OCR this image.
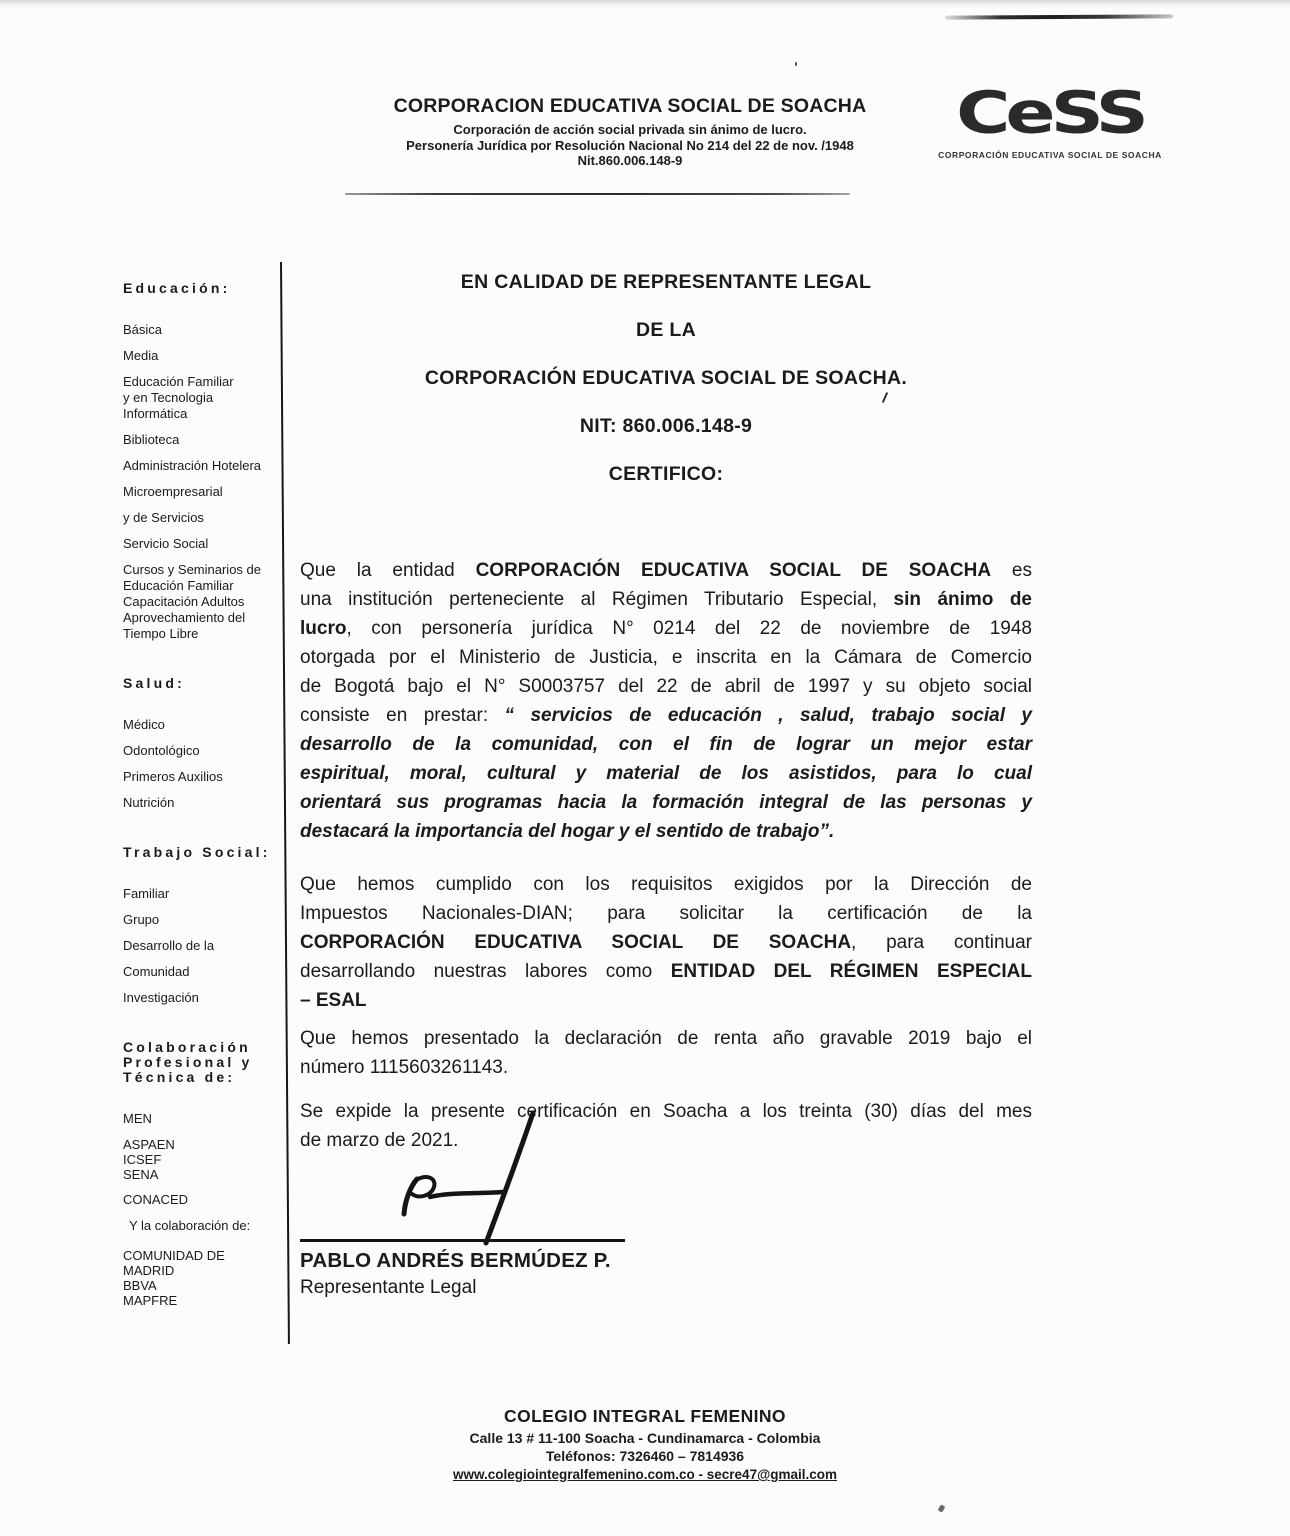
CORPORACION EDUCATIVA SOCIAL DE SOACHA
Corporación de acción social privada sin ánimo de lucro.
Personería Jurídica por Resolución Nacional No 214 del 22 de nov. /1948
Nit.860.006.148-9
CeSS
CORPORACIÓN EDUCATIVA SOCIAL DE SOACHA
Educación:
Básica
Media
Educación Familiar
y en Tecnologia
Informática
Biblioteca
Administración Hotelera
Microempresarial
y de Servicios
Servicio Social
Cursos y Seminarios de
Educación Familiar
Capacitación Adultos
Aprovechamiento del
Tiempo Libre
Salud:
Médico
Odontológico
Primeros Auxilios
Nutrición
Trabajo Social:
Familiar
Grupo
Desarrollo de la
Comunidad
Investigación
Colaboración
Profesional y
Técnica de:
MEN
ASPAEN
ICSEF
SENA
CONACED
Y la colaboración de:
COMUNIDAD DE
MADRID
BBVA
MAPFRE
EN CALIDAD DE REPRESENTANTE LEGAL
DE LA
CORPORACIÓN EDUCATIVA SOCIAL DE SOACHA.
NIT: 860.006.148-9
CERTIFICO:
Que la entidad CORPORACIÓN EDUCATIVA SOCIAL DE SOACHA es
una institución perteneciente al Régimen Tributario Especial, sin ánimo de
lucro, con personería jurídica N° 0214 del 22 de noviembre de 1948
otorgada por el Ministerio de Justicia, e inscrita en la Cámara de Comercio
de Bogotá bajo el N° S0003757 del 22 de abril de 1997 y su objeto social
consiste en prestar: “ servicios de educación , salud, trabajo social y
desarrollo de la comunidad, con el fin de lograr un mejor estar
espiritual, moral, cultural y material de los asistidos, para lo cual
orientará sus programas hacia la formación integral de las personas y
destacará la importancia del hogar y el sentido de trabajo”.
Que hemos cumplido con los requisitos exigidos por la Dirección de
Impuestos Nacionales-DIAN; para solicitar la certificación de la
CORPORACIÓN EDUCATIVA SOCIAL DE SOACHA, para continuar
desarrollando nuestras labores como ENTIDAD DEL RÉGIMEN ESPECIAL
– ESAL
Que hemos presentado la declaración de renta año gravable 2019 bajo el
número 1115603261143.
Se expide la presente certificación en Soacha a los treinta (30) días del mes
de marzo de 2021.
PABLO ANDRÉS BERMÚDEZ P.
Representante Legal
COLEGIO INTEGRAL FEMENINO
Calle 13 # 11-100 Soacha - Cundinamarca - Colombia
Teléfonos: 7326460 – 7814936
www.colegiointegralfemenino.com.co - secre47@gmail.com
